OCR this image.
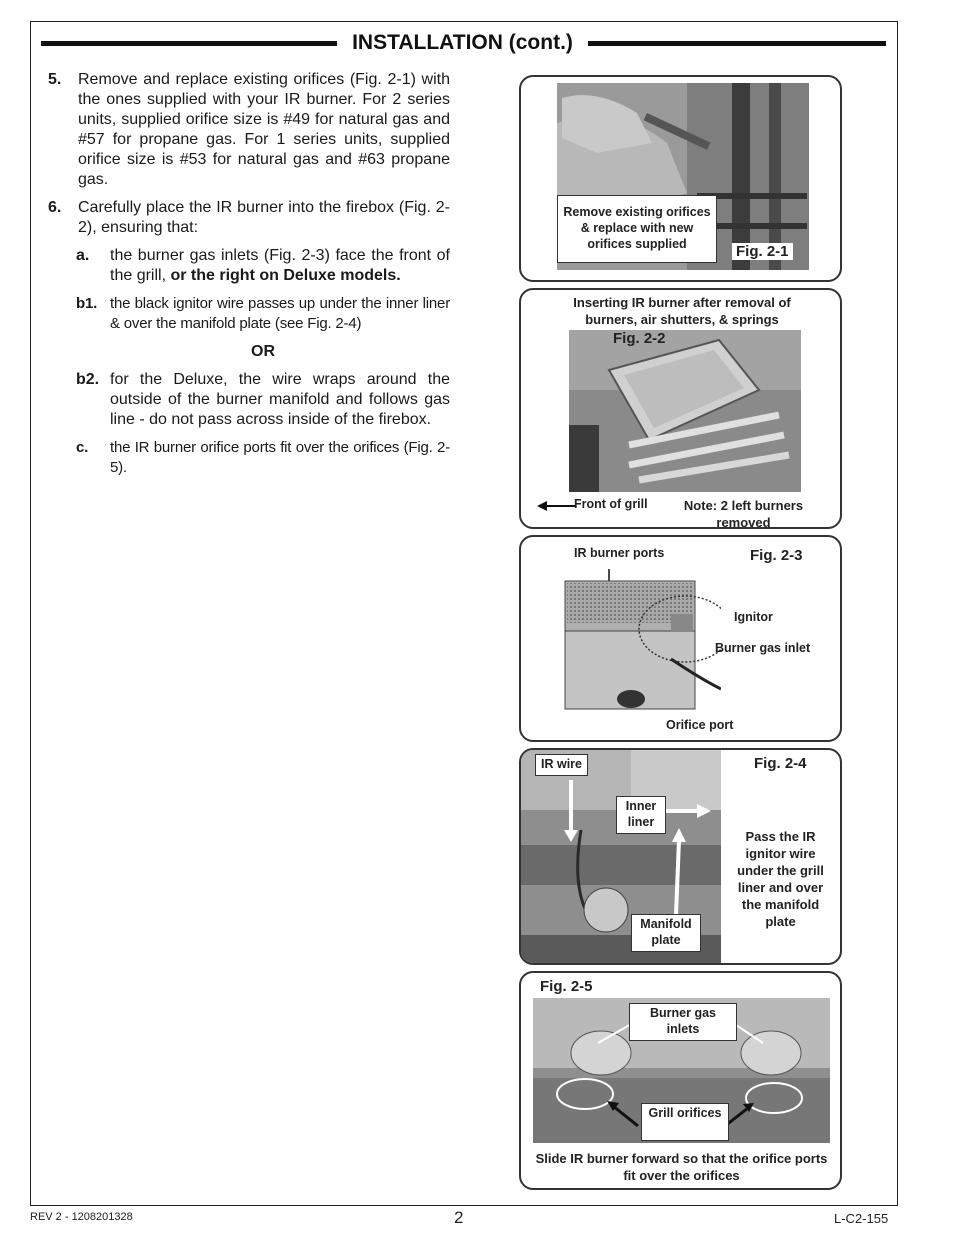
INSTALLATION (cont.)
5. Remove and replace existing orifices (Fig. 2-1) with the ones supplied with your IR burner. For 2 series units, supplied orifice size is #49 for natural gas and #57 for propane gas. For 1 series units, supplied orifice size is #53 for natural gas and #63 propane gas.
6. Carefully place the IR burner into the firebox (Fig. 2-2), ensuring that:
a. the burner gas inlets (Fig. 2-3) face the front of the grill, or the right on Deluxe models.
b1. the black ignitor wire passes up under the inner liner & over the manifold plate (see Fig. 2-4)
OR
b2. for the Deluxe, the wire wraps around the outside of the burner manifold and follows gas line - do not pass across inside of the firebox.
c. the IR burner orifice ports fit over the orifices (Fig. 2-5).
Remove existing orifices & replace with new orifices supplied	Fig. 2-1
Inserting IR burner after removal of burners, air shutters, & springs
Fig. 2-2
Front of grill	Note: 2 left burners removed
IR burner ports	Fig. 2-3
Ignitor
Burner gas inlet
Orifice port
IR wire
Inner liner
Manifold plate
Fig. 2-4
Pass the IR ignitor wire under the grill liner and over the manifold plate
Fig. 2-5
Burner gas inlets
Grill orifices
Slide IR burner forward so that the orifice ports fit over the orifices
REV 2 - 1208201328	2	L-C2-155
